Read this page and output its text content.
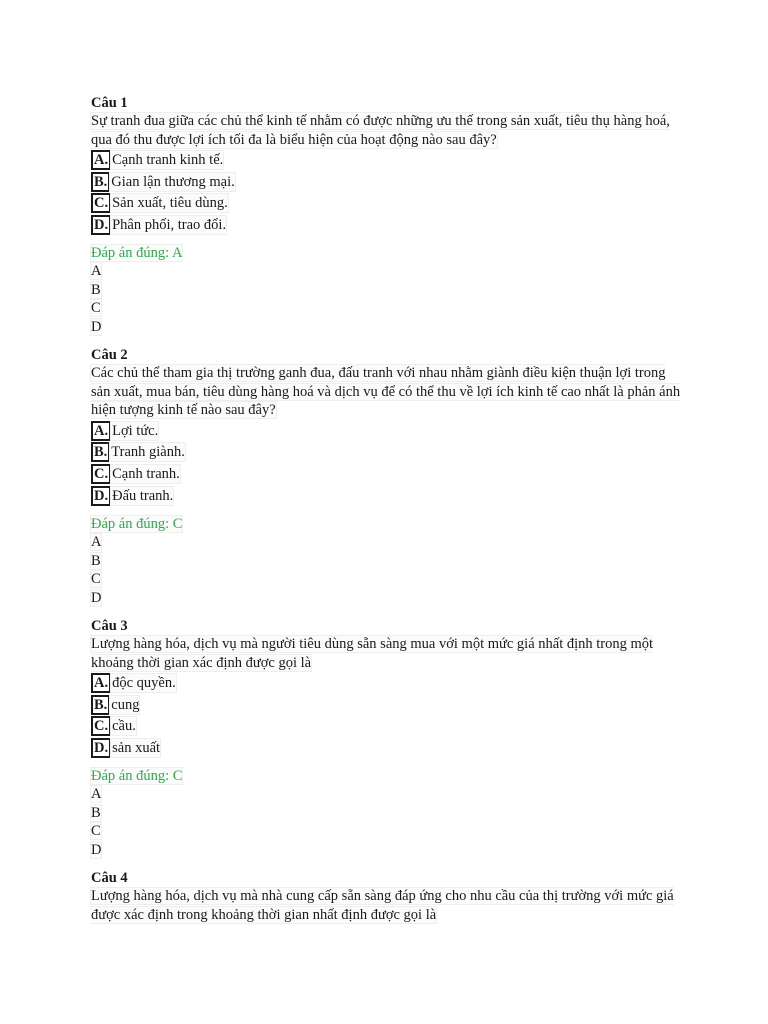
Câu 1
Sự tranh đua giữa các chủ thể kinh tế nhằm có được những ưu thế trong sản xuất, tiêu thụ hàng hoá, qua đó thu được lợi ích tối đa là biểu hiện của hoạt động nào sau đây?
A. Cạnh tranh kinh tế.
B. Gian lận thương mại.
C. Sản xuất, tiêu dùng.
D. Phân phối, trao đổi.
Đáp án đúng: A
A
B
C
D
Câu 2
Các chủ thể tham gia thị trường ganh đua, đấu tranh với nhau nhằm giành điều kiện thuận lợi trong sản xuất, mua bán, tiêu dùng hàng hoá và dịch vụ để có thể thu về lợi ích kinh tế cao nhất là phản ánh hiện tượng kinh tế nào sau đây?
A. Lợi tức.
B. Tranh giành.
C. Cạnh tranh.
D. Đấu tranh.
Đáp án đúng: C
A
B
C
D
Câu 3
Lượng hàng hóa, dịch vụ mà người tiêu dùng sẵn sàng mua với một mức giá nhất định trong một khoảng thời gian xác định được gọi là
A. độc quyền.
B. cung
C. cầu.
D. sản xuất
Đáp án đúng: C
A
B
C
D
Câu 4
Lượng hàng hóa, dịch vụ mà nhà cung cấp sẵn sàng đáp ứng cho nhu cầu của thị trường với mức giá được xác định trong khoảng thời gian nhất định được gọi là
